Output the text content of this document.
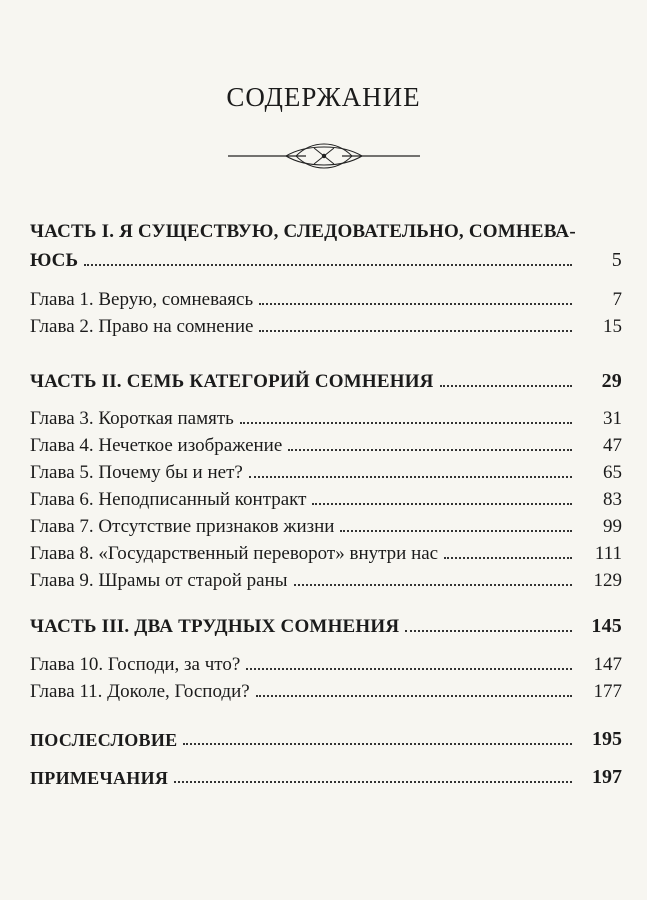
СОДЕРЖАНИЕ
ЧАСТЬ I. Я СУЩЕСТВУЮ, СЛЕДОВАТЕЛЬНО, СОМНЕВА-
ЮСЬ	5
Глава 1. Верую, сомневаясь	7
Глава 2. Право на сомнение	15
ЧАСТЬ II. СЕМЬ КАТЕГОРИЙ СОМНЕНИЯ	29
Глава 3. Короткая память	31
Глава 4. Нечеткое изображение	47
Глава 5. Почему бы и нет?	65
Глава 6. Неподписанный контракт	83
Глава 7. Отсутствие признаков жизни	99
Глава 8. «Государственный переворот» внутри нас	111
Глава 9. Шрамы от старой раны	129
ЧАСТЬ III. ДВА ТРУДНЫХ СОМНЕНИЯ	145
Глава 10. Господи, за что?	147
Глава 11. Доколе, Господи?	177
ПОСЛЕСЛОВИЕ	195
ПРИМЕЧАНИЯ	197
